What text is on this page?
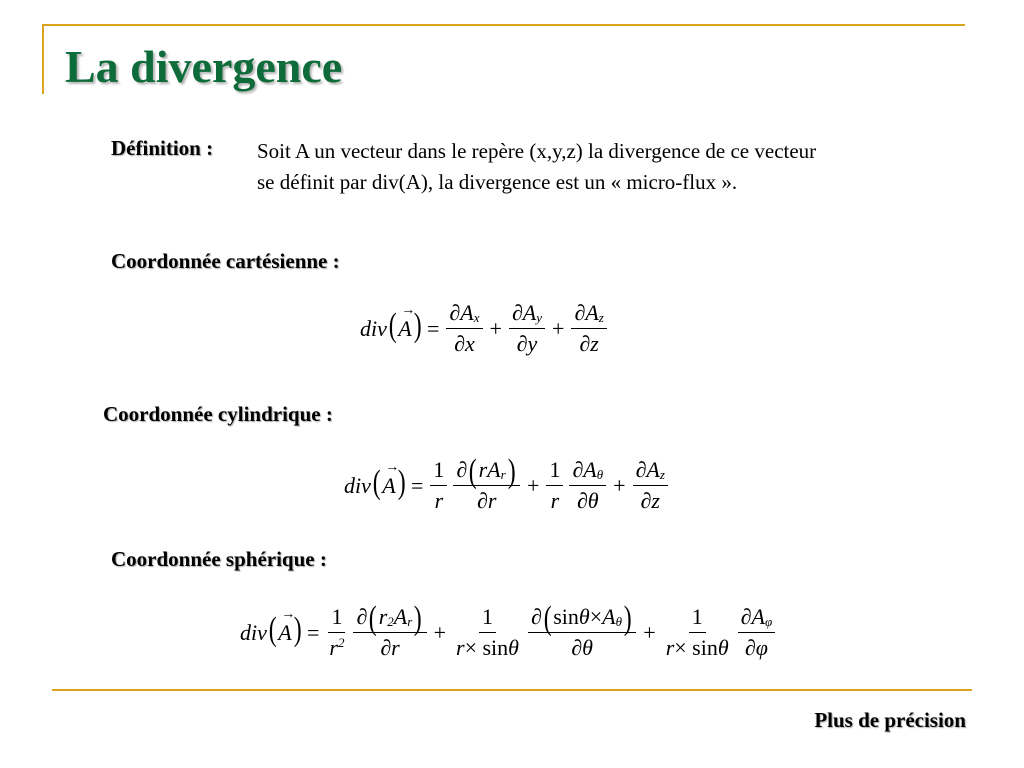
La divergence
Définition : Soit A un vecteur dans le repère (x,y,z) la divergence de ce vecteur
se définit par div(A), la divergence est un « micro-flux ».
Coordonnée cartésienne :
$div(\to A) = \frac{\text{∂A x}}{\partial x} + \frac{\text{∂A y}}{\partial y} + \frac{\text{∂A z}}{\partial z}$
Coordonnée cylindrique :
$div(\to A) = \frac{1}{r} \frac{\text{∂ ( rA r )}}{\partial r} + \frac{1}{r} \frac{\text{∂A θ}}{\partial\theta} + \frac{\text{∂A z}}{\partial z}$
Coordonnée sphérique :
$div(\to A) = \frac{1}{r 2} \frac{\text{∂ ( r 2 A r )}}{\partial r} + \frac{1}{\text{r × sin θ}} \frac{\text{∂ ( sin θ × A θ )}}{\partial\theta} + \frac{1}{\text{r × sin θ}} \frac{\text{∂A φ}}{\partial\varphi}$
Plus de précision
